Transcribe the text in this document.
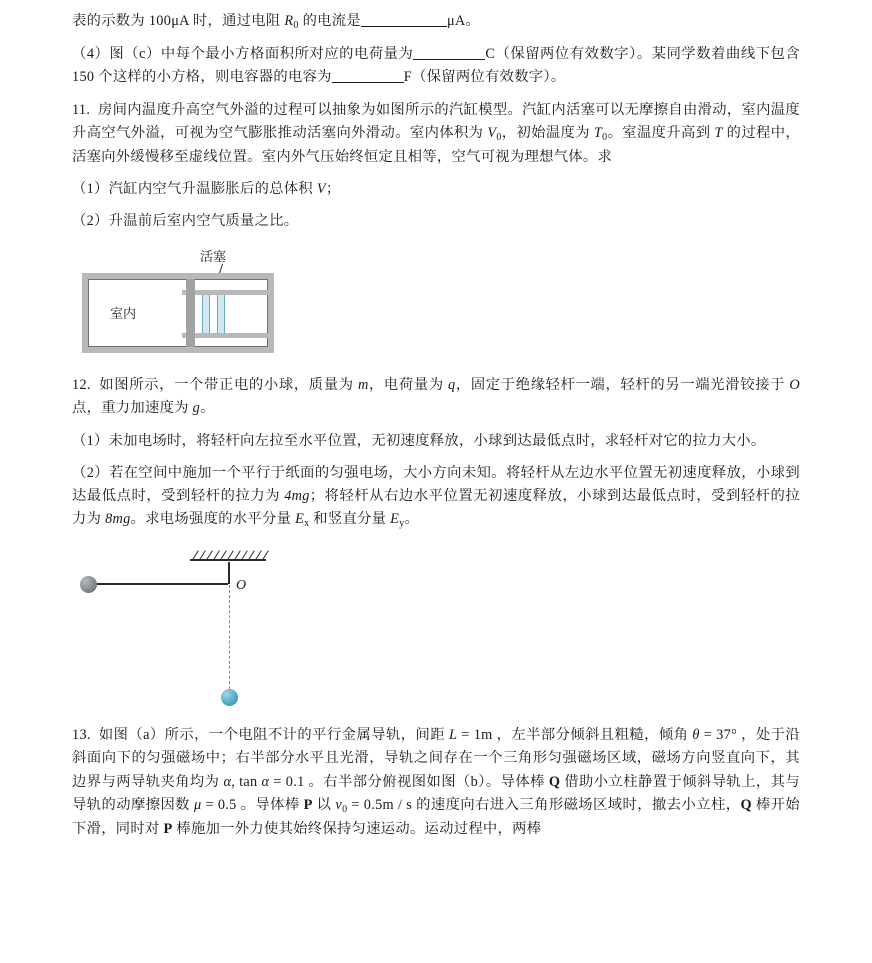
表的示数为 100μA 时，通过电阻 $R_0$ 的电流是	μA。

（4）图（c）中每个最小方格面积所对应的电荷量为	C（保留两位有效数字）。某同学数着曲线下包含 150 个这样的小方格，则电容器的电容为	F（保留两位有效数字）。

11.  房间内温度升高空气外溢的过程可以抽象为如图所示的汽缸模型。汽缸内活塞可以无摩擦自由滑动，室内温度升高空气外溢，可视为空气膨胀推动活塞向外滑动。室内体积为 $V_0$，初始温度为 $T_0$。室温度升高到 T 的过程中，活塞向外缓慢移至虚线位置。室内外气压始终恒定且相等，空气可视为理想气体。求

（1）汽缸内空气升温膨胀后的总体积 V；

（2）升温前后室内空气质量之比。

活塞
室内

12.  如图所示，一个带正电的小球，质量为 m，电荷量为 q，固定于绝缘轻杆一端，轻杆的另一端光滑铰接于 O 点，重力加速度为 g。

（1）未加电场时，将轻杆向左拉至水平位置，无初速度释放，小球到达最低点时，求轻杆对它的拉力大小。

（2）若在空间中施加一个平行于纸面的匀强电场，大小方向未知。将轻杆从左边水平位置无初速度释放，小球到达最低点时，受到轻杆的拉力为 4mg；将轻杆从右边水平位置无初速度释放，小球到达最低点时，受到轻杆的拉力为 8mg。求电场强度的水平分量 $E_x$ 和竖直分量 $E_y$。

O

13.  如图（a）所示，一个电阻不计的平行金属导轨，间距 L = 1m ，左半部分倾斜且粗糙，倾角 θ = 37° ，处于沿斜面向下的匀强磁场中；右半部分水平且光滑，导轨之间存在一个三角形匀强磁场区域，磁场方向竖直向下，其边界与两导轨夹角均为 α, tan α = 0.1 。右半部分俯视图如图（b）。导体棒 Q 借助小立柱静置于倾斜导轨上，其与导轨的动摩擦因数 μ = 0.5 。导体棒 P 以 $v_0 = 0.5m / s$ 的速度向右进入三角形磁场区域时，撤去小立柱，Q 棒开始下滑，同时对 P 棒施加一外力使其始终保持匀速运动。运动过程中，两棒
